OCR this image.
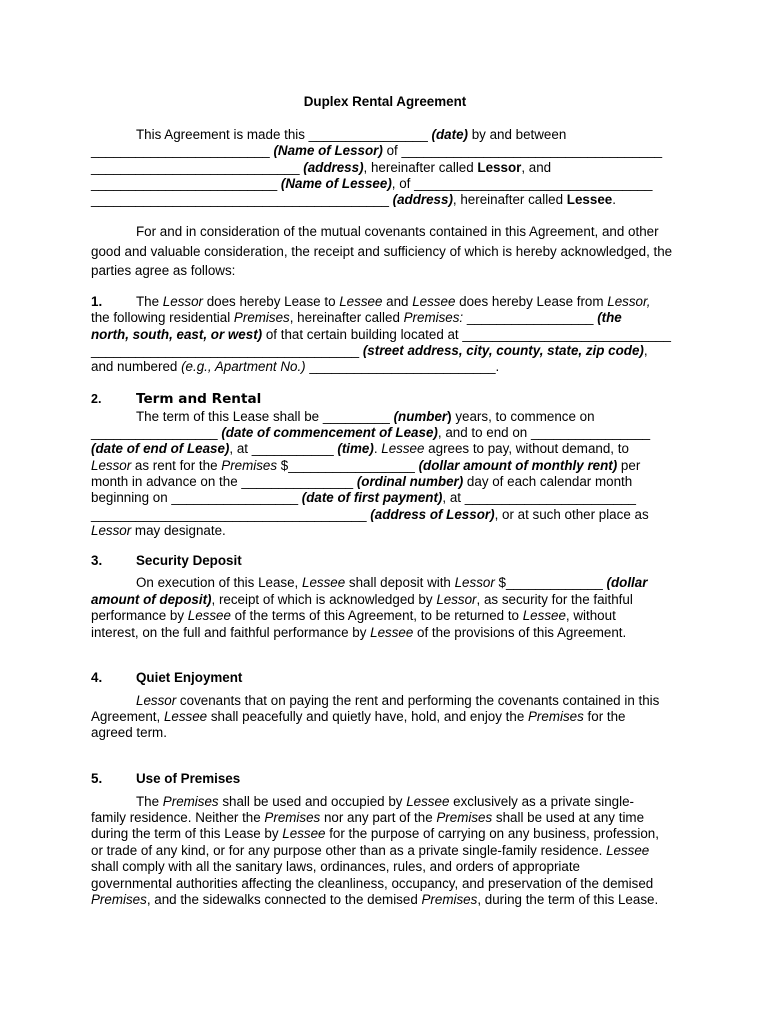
Duplex Rental Agreement
This Agreement is made this ________________ (date) by and between
________________________ (Name of Lessor) of ___________________________________
____________________________ (address), hereinafter called Lessor, and
_________________________ (Name of Lessee), of ________________________________
________________________________________ (address), hereinafter called Lessee.
For and in consideration of the mutual covenants contained in this Agreement, and other good and valuable consideration, the receipt and sufficiency of which is hereby acknowledged, the parties agree as follows:
1.	The Lessor does hereby Lease to Lessee and Lessee does hereby Lease from Lessor,
the following residential Premises, hereinafter called Premises: _________________ (the
north, south, east, or west) of that certain building located at ____________________________
____________________________________ (street address, city, county, state, zip code),
and numbered (e.g., Apartment No.) _________________________.
2.	Term and Rental
The term of this Lease shall be _________ (number) years, to commence on
_________________ (date of commencement of Lease), and to end on ________________
(date of end of Lease), at ___________ (time). Lessee agrees to pay, without demand, to
Lessor as rent for the Premises $_________________ (dollar amount of monthly rent) per
month in advance on the _______________ (ordinal number) day of each calendar month
beginning on _________________ (date of first payment), at _______________________
_____________________________________ (address of Lessor), or at such other place as
Lessor may designate.
3.	Security Deposit
On execution of this Lease, Lessee shall deposit with Lessor $_____________ (dollar
amount of deposit), receipt of which is acknowledged by Lessor, as security for the faithful
performance by Lessee of the terms of this Agreement, to be returned to Lessee, without
interest, on the full and faithful performance by Lessee of the provisions of this Agreement.
4.	Quiet Enjoyment
Lessor covenants that on paying the rent and performing the covenants contained in this
Agreement, Lessee shall peacefully and quietly have, hold, and enjoy the Premises for the
agreed term.
5.	Use of Premises
The Premises shall be used and occupied by Lessee exclusively as a private single-
family residence. Neither the Premises nor any part of the Premises shall be used at any time
during the term of this Lease by Lessee for the purpose of carrying on any business, profession,
or trade of any kind, or for any purpose other than as a private single-family residence. Lessee
shall comply with all the sanitary laws, ordinances, rules, and orders of appropriate
governmental authorities affecting the cleanliness, occupancy, and preservation of the demised
Premises, and the sidewalks connected to the demised Premises, during the term of this Lease.
